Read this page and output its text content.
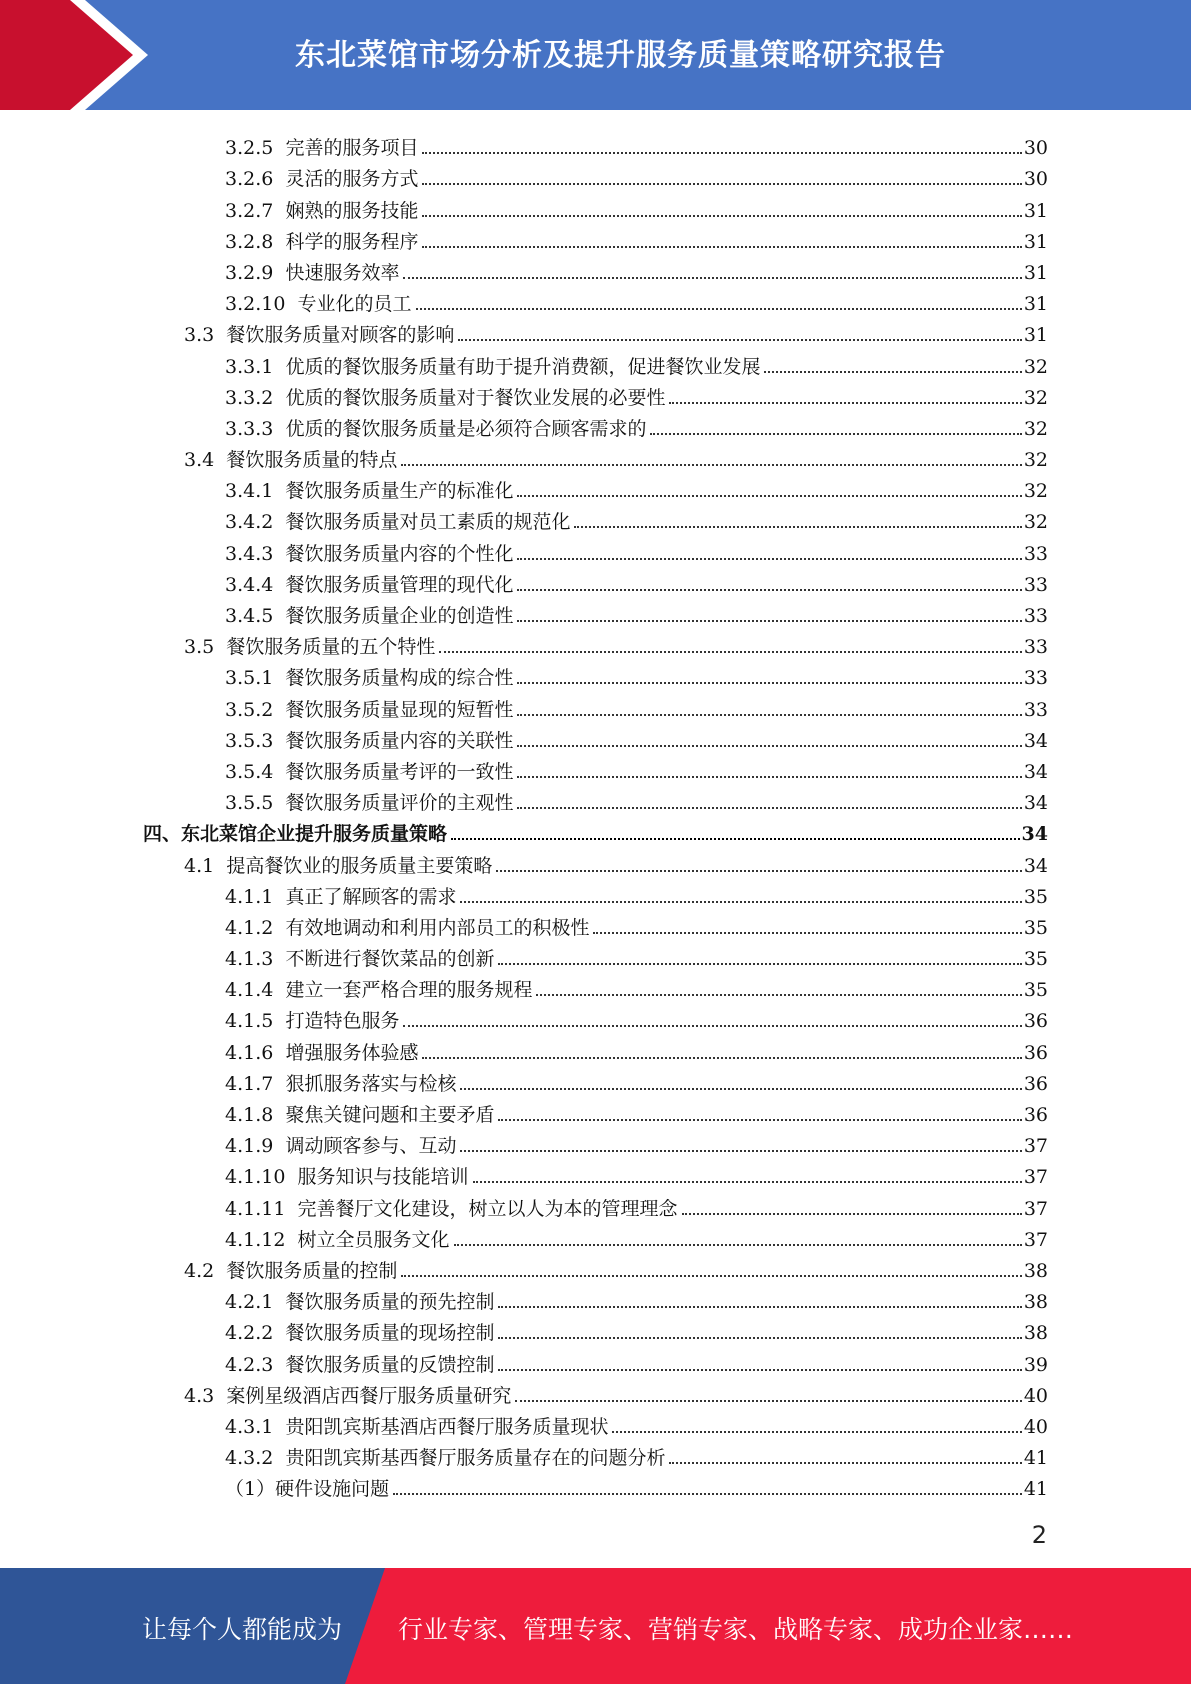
东北菜馆市场分析及提升服务质量策略研究报告
3.2.5 完善的服务项目	30
3.2.6 灵活的服务方式	30
3.2.7 娴熟的服务技能	31
3.2.8 科学的服务程序	31
3.2.9 快速服务效率	31
3.2.10 专业化的员工	31
3.3 餐饮服务质量对顾客的影响	31
3.3.1 优质的餐饮服务质量有助于提升消费额，促进餐饮业发展	32
3.3.2 优质的餐饮服务质量对于餐饮业发展的必要性	32
3.3.3 优质的餐饮服务质量是必须符合顾客需求的	32
3.4 餐饮服务质量的特点	32
3.4.1 餐饮服务质量生产的标准化	32
3.4.2 餐饮服务质量对员工素质的规范化	32
3.4.3 餐饮服务质量内容的个性化	33
3.4.4 餐饮服务质量管理的现代化	33
3.4.5 餐饮服务质量企业的创造性	33
3.5 餐饮服务质量的五个特性	33
3.5.1 餐饮服务质量构成的综合性	33
3.5.2 餐饮服务质量显现的短暂性	33
3.5.3 餐饮服务质量内容的关联性	34
3.5.4 餐饮服务质量考评的一致性	34
3.5.5 餐饮服务质量评价的主观性	34
四、东北菜馆企业提升服务质量策略	34
4.1 提高餐饮业的服务质量主要策略	34
4.1.1 真正了解顾客的需求	35
4.1.2 有效地调动和利用内部员工的积极性	35
4.1.3 不断进行餐饮菜品的创新	35
4.1.4 建立一套严格合理的服务规程	35
4.1.5 打造特色服务	36
4.1.6 增强服务体验感	36
4.1.7 狠抓服务落实与检核	36
4.1.8 聚焦关键问题和主要矛盾	36
4.1.9 调动顾客参与、互动	37
4.1.10 服务知识与技能培训	37
4.1.11 完善餐厅文化建设，树立以人为本的管理理念	37
4.1.12 树立全员服务文化	37
4.2 餐饮服务质量的控制	38
4.2.1 餐饮服务质量的预先控制	38
4.2.2 餐饮服务质量的现场控制	38
4.2.3 餐饮服务质量的反馈控制	39
4.3 案例星级酒店西餐厅服务质量研究	40
4.3.1 贵阳凯宾斯基酒店西餐厅服务质量现状	40
4.3.2 贵阳凯宾斯基西餐厅服务质量存在的问题分析	41
（1）硬件设施问题	41
2
让每个人都能成为 行业专家、管理专家、营销专家、战略专家、成功企业家……
